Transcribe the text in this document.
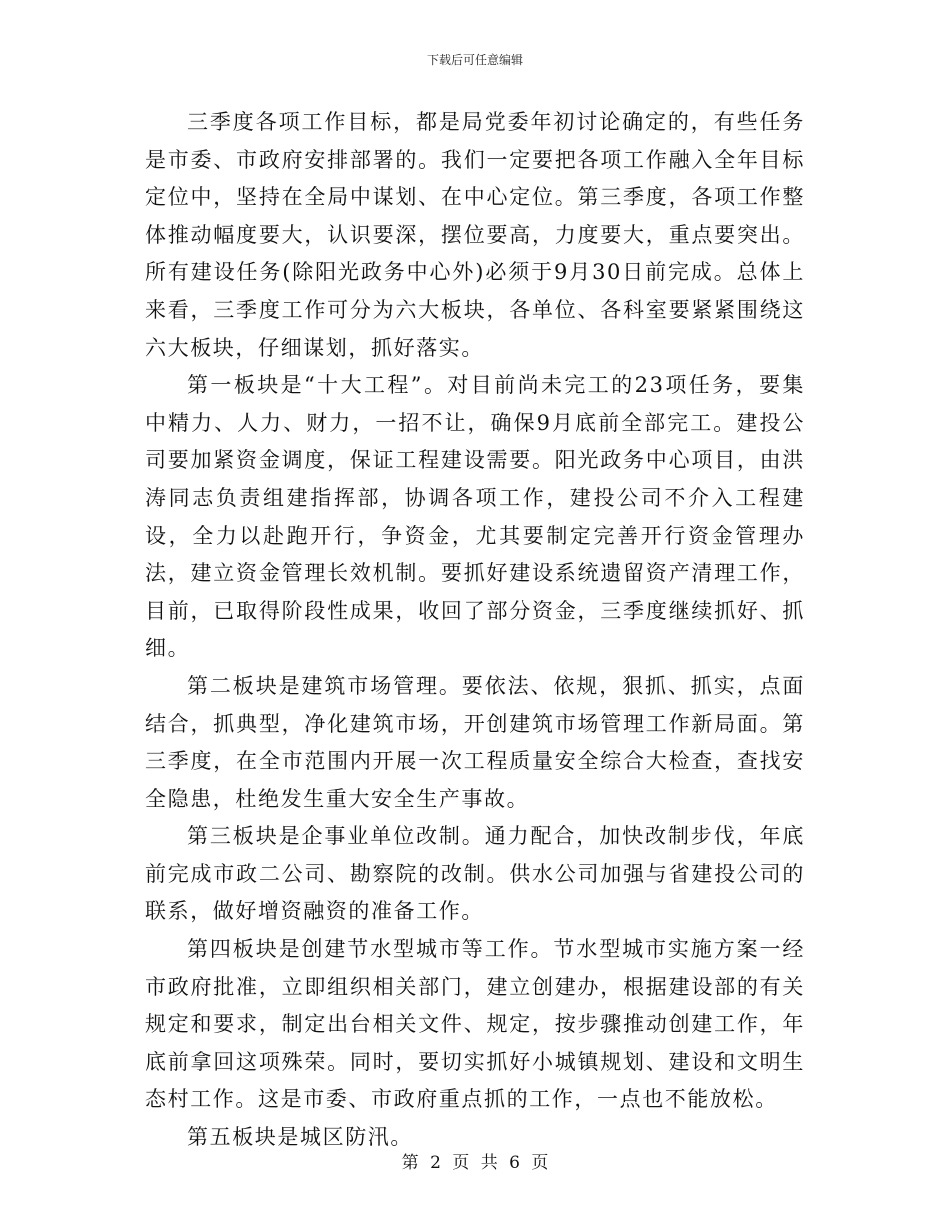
下载后可任意编辑

三季度各项工作目标，都是局党委年初讨论确定的，有些任务是市委、市政府安排部署的。我们一定要把各项工作融入全年目标定位中，坚持在全局中谋划、在中心定位。第三季度，各项工作整体推动幅度要大，认识要深，摆位要高，力度要大，重点要突出。所有建设任务(除阳光政务中心外)必须于9月30日前完成。总体上来看，三季度工作可分为六大板块，各单位、各科室要紧紧围绕这六大板块，仔细谋划，抓好落实。

第一板块是“十大工程”。对目前尚未完工的23项任务，要集中精力、人力、财力，一招不让，确保9月底前全部完工。建投公司要加紧资金调度，保证工程建设需要。阳光政务中心项目，由洪涛同志负责组建指挥部，协调各项工作，建投公司不介入工程建设，全力以赴跑开行，争资金，尤其要制定完善开行资金管理办法，建立资金管理长效机制。要抓好建设系统遗留资产清理工作，目前，已取得阶段性成果，收回了部分资金，三季度继续抓好、抓细。

第二板块是建筑市场管理。要依法、依规，狠抓、抓实，点面结合，抓典型，净化建筑市场，开创建筑市场管理工作新局面。第三季度，在全市范围内开展一次工程质量安全综合大检查，查找安全隐患，杜绝发生重大安全生产事故。

第三板块是企事业单位改制。通力配合，加快改制步伐，年底前完成市政二公司、勘察院的改制。供水公司加强与省建投公司的联系，做好增资融资的准备工作。

第四板块是创建节水型城市等工作。节水型城市实施方案一经市政府批准，立即组织相关部门，建立创建办，根据建设部的有关规定和要求，制定出台相关文件、规定，按步骤推动创建工作，年底前拿回这项殊荣。同时，要切实抓好小城镇规划、建设和文明生态村工作。这是市委、市政府重点抓的工作，一点也不能放松。

第五板块是城区防汛。

第 2 页 共 6 页
